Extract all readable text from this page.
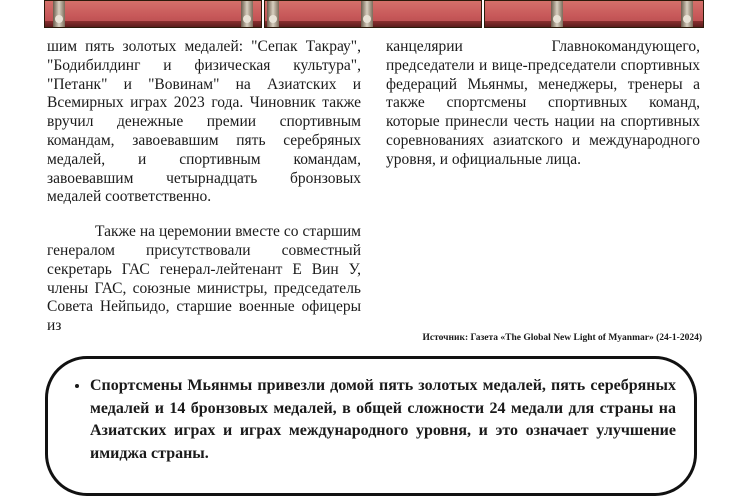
шим пять золотых медалей: "Сепак Такрау", "Бодибилдинг и физическая культура", "Петанк" и "Вовинам" на Азиатских и Всемирных играх 2023 года. Чиновник также вручил денежные премии спортивным командам, завоевавшим пять серебряных медалей, и спортивным командам, завоевавшим четырнадцать бронзовых медалей соответственно.

Также на церемонии вместе со старшим генералом присутствовали совместный секретарь ГАС генерал-лейтенант Е Вин У, члены ГАС, союзные министры, председатель Совета Нейпьидо, старшие военные офицеры из

канцелярии Главнокомандующего, председатели и вице-председатели спортивных федераций Мьянмы, менеджеры, тренеры а также спортсмены спортивных команд, которые принесли честь нации на спортивных соревнованиях азиатского и международного уровня, и официальные лица.

Источник: Газета «The Global New Light of Myanmar» (24-1-2024)
• Спортсмены Мьянмы привезли домой пять золотых медалей, пять серебряных медалей и 14 бронзовых медалей, в общей сложности 24 медали для страны на Азиатских играх и играх международного уровня, и это означает улучшение имиджа страны.
